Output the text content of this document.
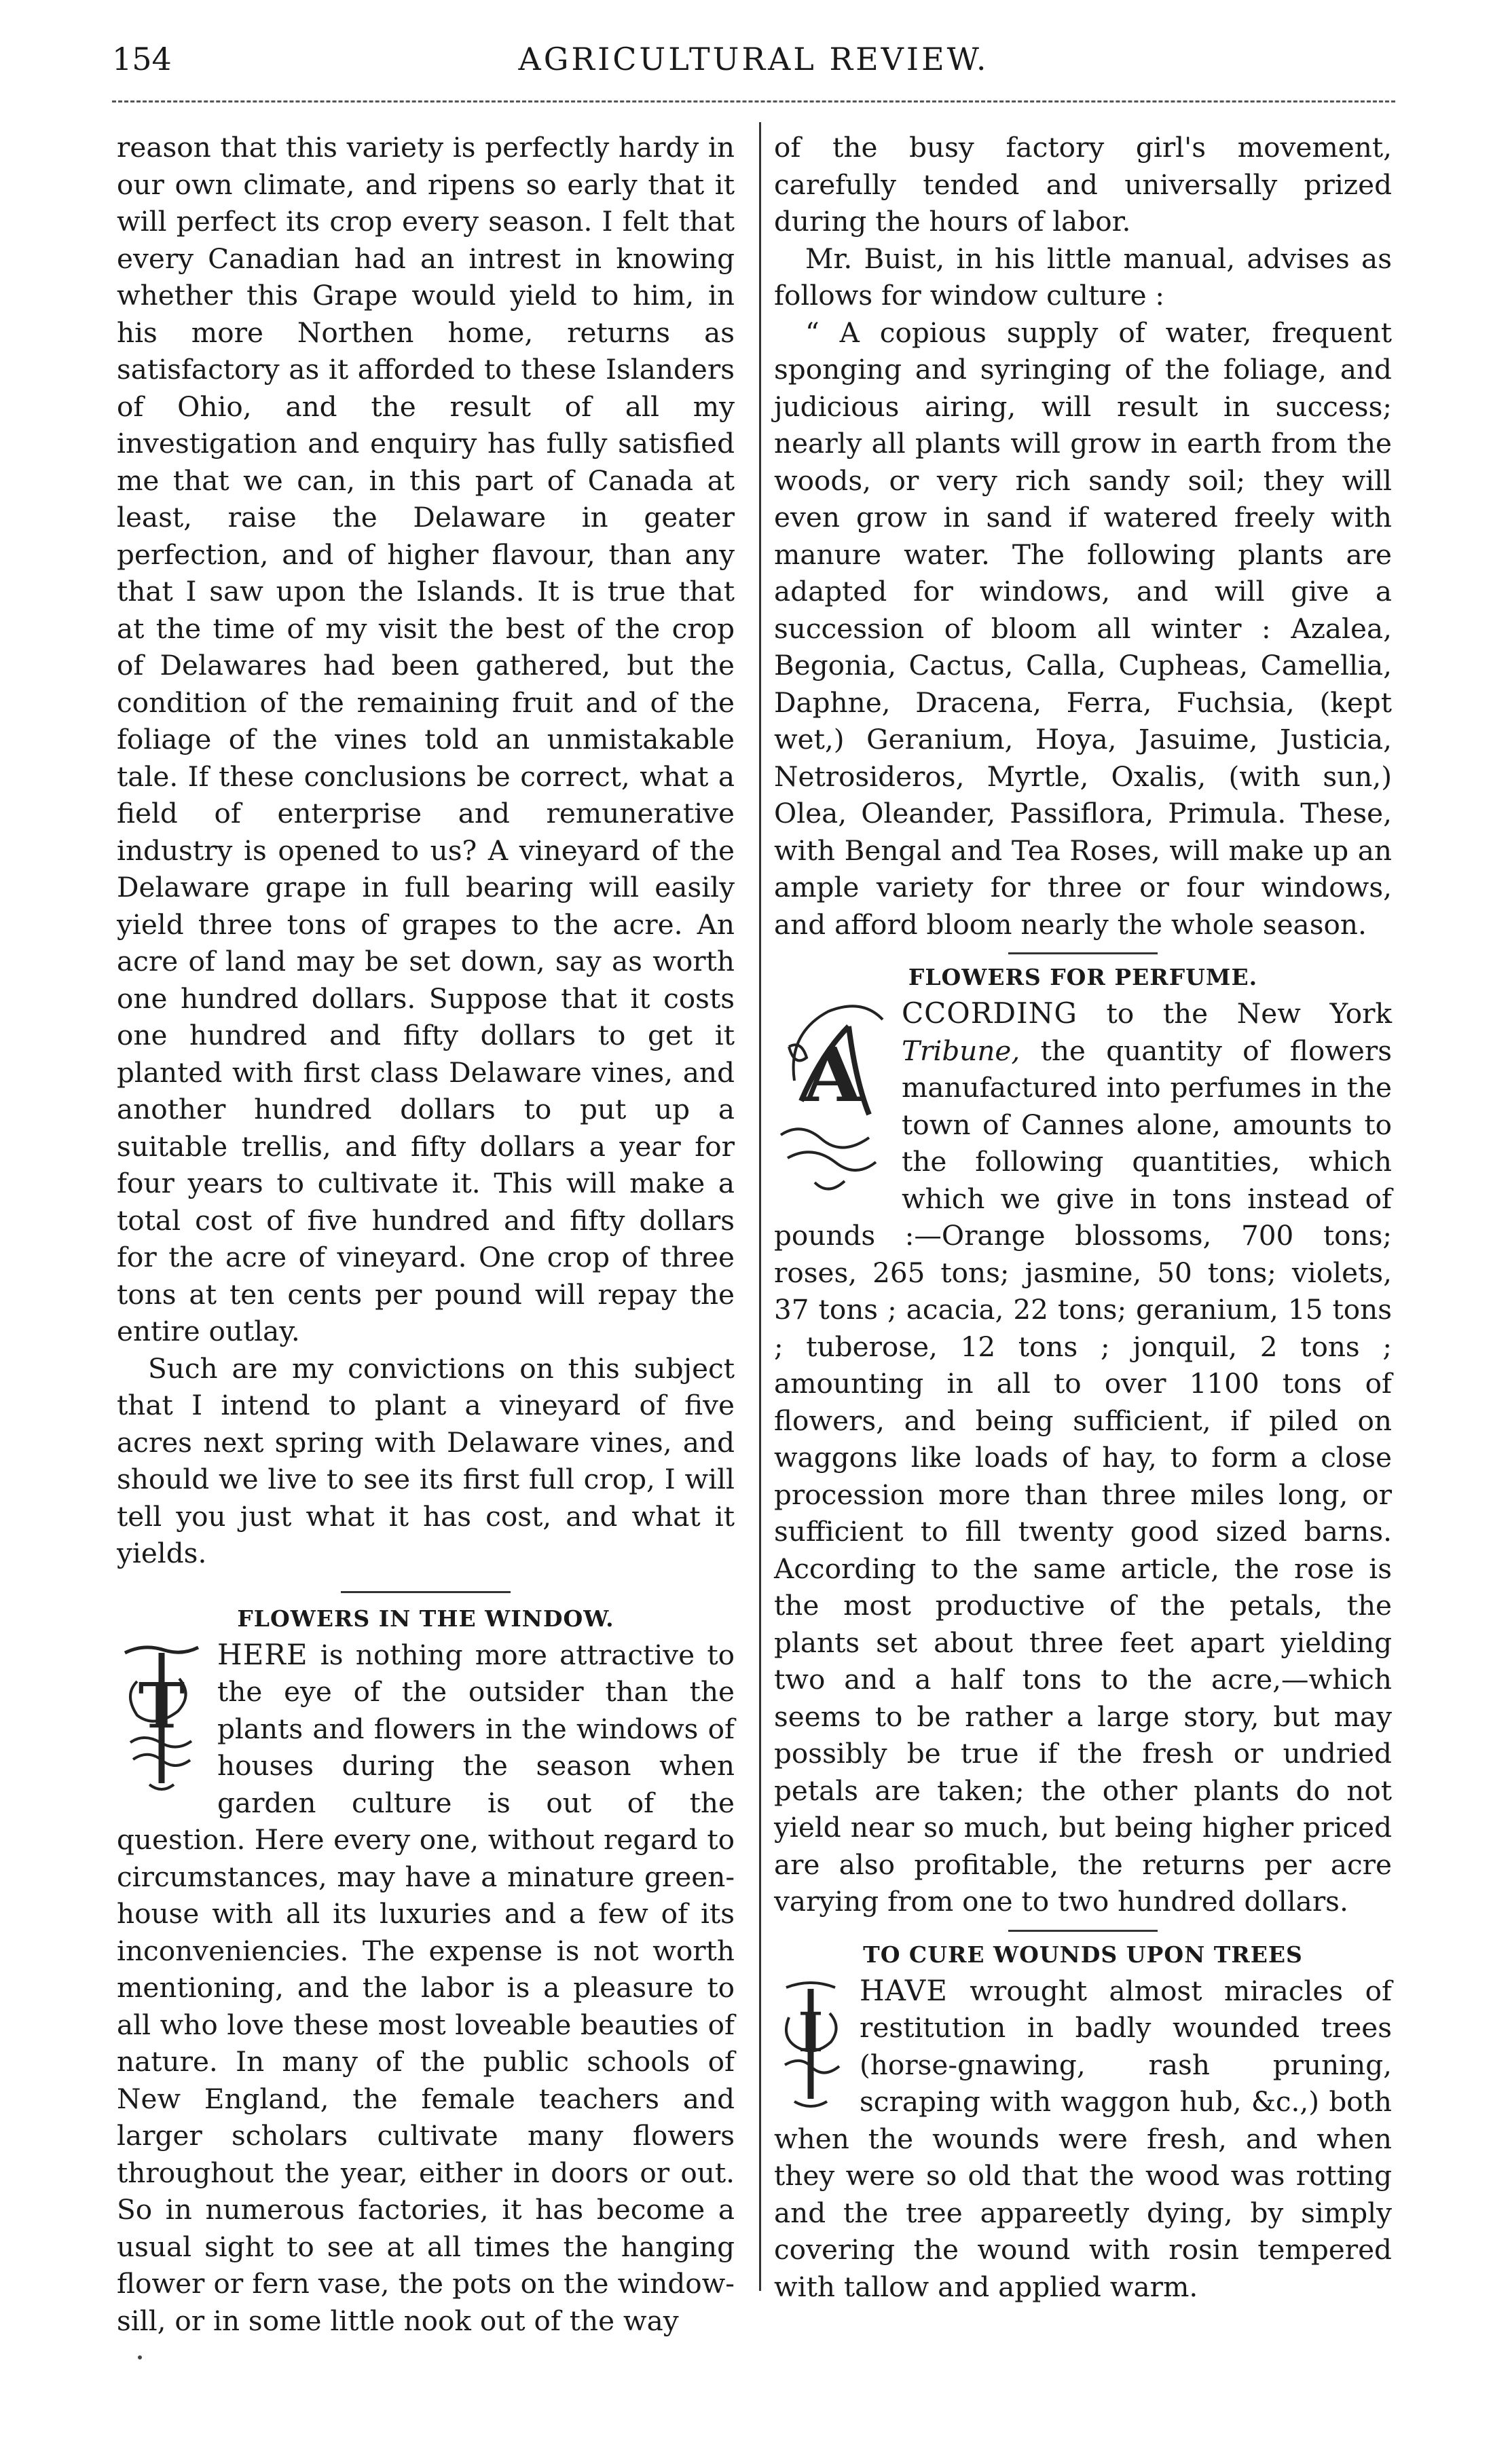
154	AGRICULTURAL REVIEW.

reason that this variety is perfectly hardy in our own climate, and ripens so early that it will perfect its crop every season. I felt that every Canadian had an intrest in knowing whether this Grape would yield to him, in his more Northen home, returns as satisfactory as it afforded to these Islanders of Ohio, and the result of all my investigation and enquiry has fully satisfied me that we can, in this part of Canada at least, raise the Delaware in geater perfection, and of higher flavour, than any that I saw upon the Islands. It is true that at the time of my visit the best of the crop of Delawares had been gathered, but the condition of the remaining fruit and of the foliage of the vines told an unmistakable tale. If these conclusions be correct, what a field of enterprise and remunerative industry is opened to us? A vineyard of the Delaware grape in full bearing will easily yield three tons of grapes to the acre. An acre of land may be set down, say as worth one hundred dollars. Suppose that it costs one hundred and fifty dollars to get it planted with first class Delaware vines, and another hundred dollars to put up a suitable trellis, and fifty dollars a year for four years to cultivate it. This will make a total cost of five hundred and fifty dollars for the acre of vineyard. One crop of three tons at ten cents per pound will repay the entire outlay.

Such are my convictions on this subject that I intend to plant a vineyard of five acres next spring with Delaware vines, and should we live to see its first full crop, I will tell you just what it has cost, and what it yields.

FLOWERS IN THE WINDOW.

T
HERE is nothing more attractive to the eye of the outsider than the plants and flowers in the windows of houses during the season when garden culture is out of the question. Here every one, without regard to circumstances, may have a minature green-house with all its luxuries and a few of its inconveniencies. The expense is not worth mentioning, and the labor is a pleasure to all who love these most loveable beauties of nature. In many of the public schools of New England, the female teachers and larger scholars cultivate many flowers throughout the year, either in doors or out. So in numerous factories, it has become a usual sight to see at all times the hanging flower or fern vase, the pots on the window-sill, or in some little nook out of the way

of the busy factory girl's movement, carefully tended and universally prized during the hours of labor.

Mr. Buist, in his little manual, advises as follows for window culture :

“ A copious supply of water, frequent sponging and syringing of the foliage, and judicious airing, will result in success; nearly all plants will grow in earth from the woods, or very rich sandy soil; they will even grow in sand if watered freely with manure water. The following plants are adapted for windows, and will give a succession of bloom all winter : Azalea, Begonia, Cactus, Calla, Cupheas, Camellia, Daphne, Dracena, Ferra, Fuchsia, (kept wet,) Geranium, Hoya, Jasuime, Justicia, Netrosideros, Myrtle, Oxalis, (with sun,) Olea, Oleander, Passiflora, Primula. These, with Bengal and Tea Roses, will make up an ample variety for three or four windows, and afford bloom nearly the whole season.

FLOWERS FOR PERFUME.

A
CCORDING to the New York Tribune, the quantity of flowers manufactured into perfumes in the town of Cannes alone, amounts to the following quantities, which which we give in tons instead of pounds :—Orange blossoms, 700 tons; roses, 265 tons; jasmine, 50 tons; violets, 37 tons ; acacia, 22 tons; geranium, 15 tons ; tuberose, 12 tons ; jonquil, 2 tons ; amounting in all to over 1100 tons of flowers, and being sufficient, if piled on waggons like loads of hay, to form a close procession more than three miles long, or sufficient to fill twenty good sized barns. According to the same article, the rose is the most productive of the petals, the plants set about three feet apart yielding two and a half tons to the acre,—which seems to be rather a large story, but may possibly be true if the fresh or undried petals are taken; the other plants do not yield near so much, but being higher priced are also profitable, the returns per acre varying from one to two hundred dollars.

TO CURE WOUNDS UPON TREES

I
HAVE wrought almost miracles of restitution in badly wounded trees (horse-gnawing, rash pruning, scraping with waggon hub, &c.,) both when the wounds were fresh, and when they were so old that the wood was rotting and the tree appareetly dying, by simply covering the wound with rosin tempered with tallow and applied warm.
